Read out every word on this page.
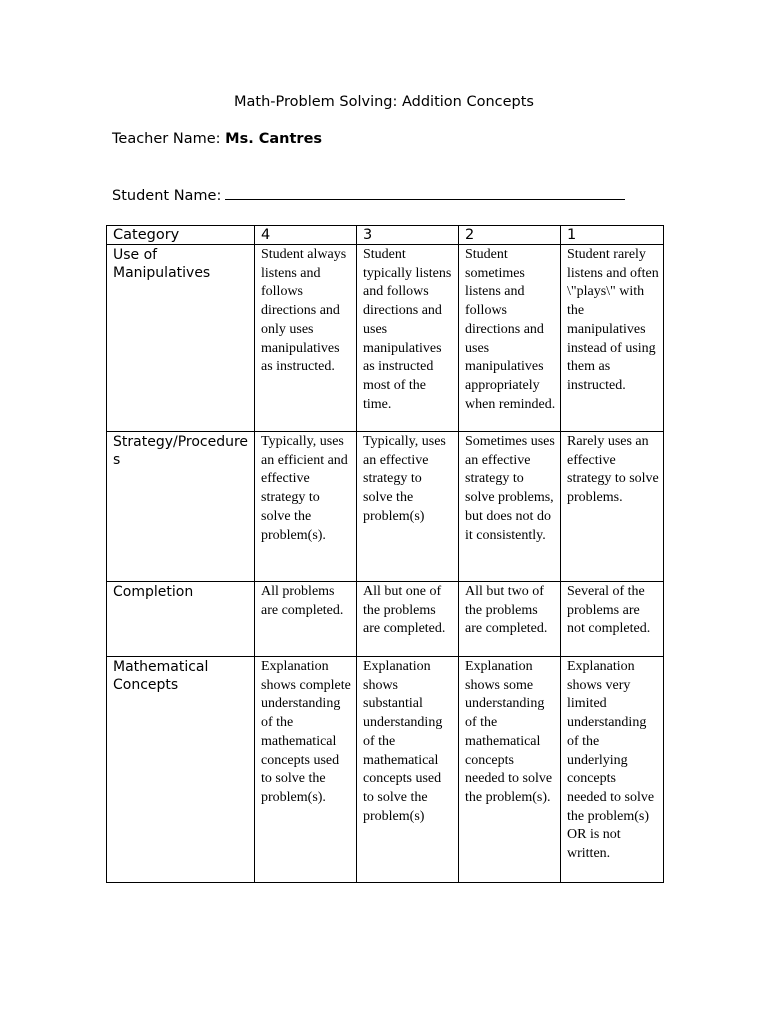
Math-Problem Solving: Addition Concepts
Teacher Name: Ms. Cantres
Student Name:
Category	4	3	2	1
Use of Manipulatives	Student always listens and follows directions and only uses manipulatives as instructed.	Student typically listens and follows directions and uses manipulatives as instructed most of the time.	Student sometimes listens and follows directions and uses manipulatives appropriately when reminded.	Student rarely listens and often \"plays\" with the manipulatives instead of using them as instructed.
Strategy/Procedures	Typically, uses an efficient and effective strategy to solve the problem(s).	Typically, uses an effective strategy to solve the problem(s)	Sometimes uses an effective strategy to solve problems, but does not do it consistently.	Rarely uses an effective strategy to solve problems.
Completion	All problems are completed.	All but one of the problems are completed.	All but two of the problems are completed.	Several of the problems are not completed.
Mathematical Concepts	Explanation shows complete understanding of the mathematical concepts used to solve the problem(s).	Explanation shows substantial understanding of the mathematical concepts used to solve the problem(s)	Explanation shows some understanding of the mathematical concepts needed to solve the problem(s).	Explanation shows very limited understanding of the underlying concepts needed to solve the problem(s) OR is not written.
